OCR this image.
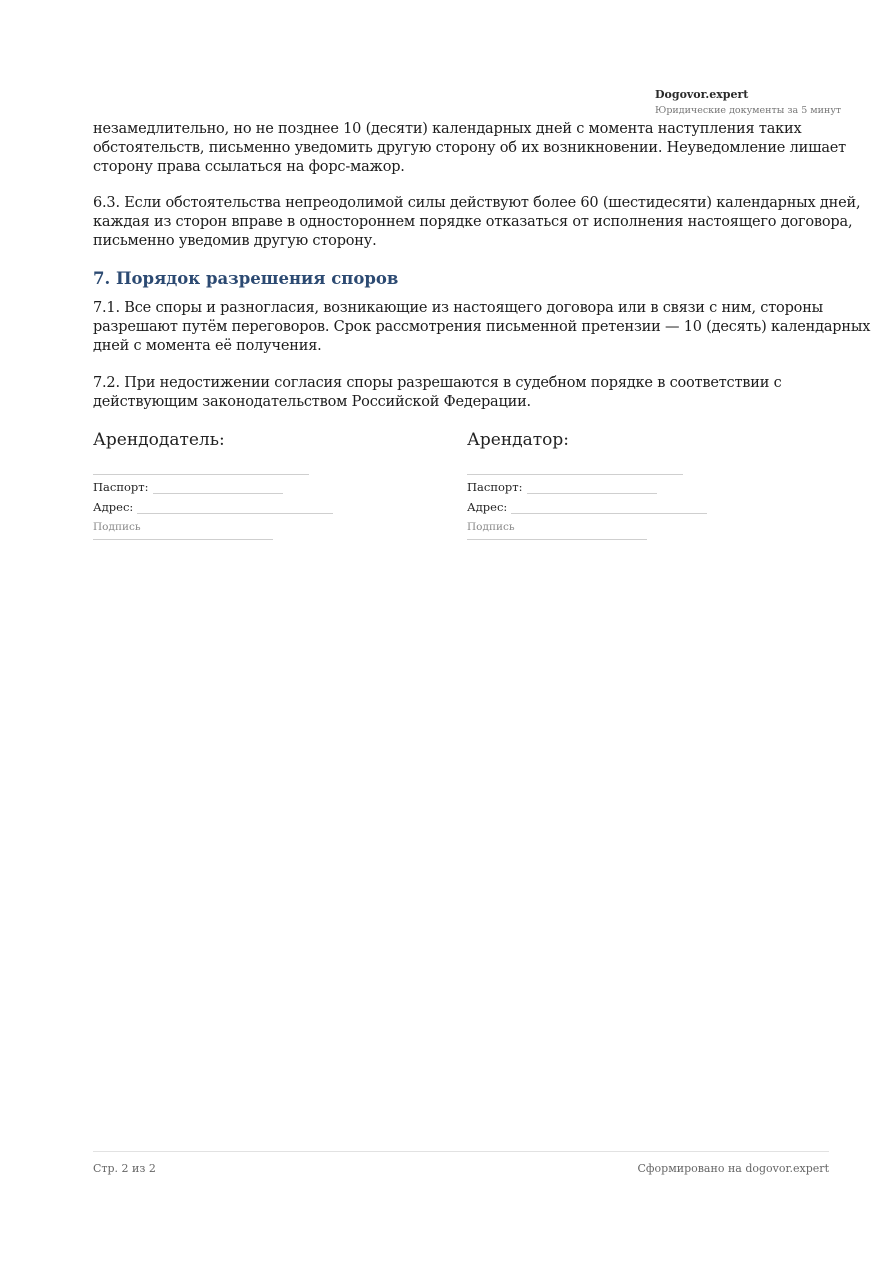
Dogovor.expert
Юридические документы за 5 минут

незамедлительно, но не позднее 10 (десяти) календарных дней с момента наступления таких обстоятельств, письменно уведомить другую сторону об их возникновении. Неуведомление лишает сторону права ссылаться на форс-мажор.

6.3. Если обстоятельства непреодолимой силы действуют более 60 (шестидесяти) календарных дней, каждая из сторон вправе в одностороннем порядке отказаться от исполнения настоящего договора, письменно уведомив другую сторону.

7. Порядок разрешения споров

7.1. Все споры и разногласия, возникающие из настоящего договора или в связи с ним, стороны разрешают путём переговоров. Срок рассмотрения письменной претензии — 10 (десять) календарных дней с момента её получения.

7.2. При недостижении согласия споры разрешаются в судебном порядке в соответствии с действующим законодательством Российской Федерации.

Арендодатель:
Паспорт:
Адрес:
Подпись
Арендатор:
Паспорт:
Адрес:
Подпись
Стр. 2 из 2	Сформировано на dogovor.expert
